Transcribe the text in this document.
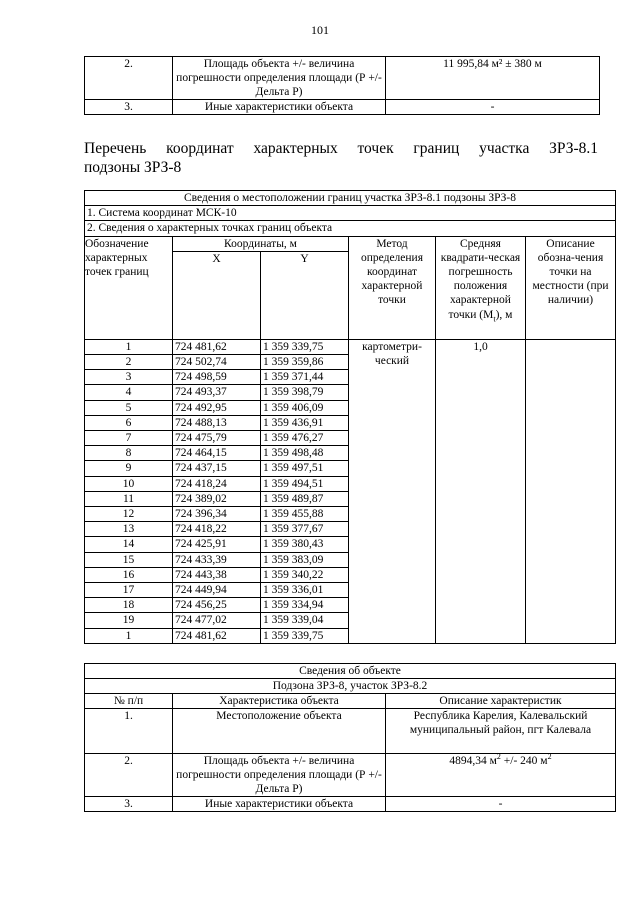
101
2.	Площадь объекта +/- величина погрешности определения площади (Р +/- Дельта Р)	11 995,84 м² ± 380 м
3.	Иные характеристики объекта	-
Перечень координат характерных точек границ участка ЗРЗ-8.1
подзоны ЗРЗ-8
Сведения о местоположении границ участка ЗРЗ-8.1 подзоны ЗРЗ-8					
1. Система координат МСК-10					
2. Сведения о характерных точках границ объекта					
Обозначение характерных точек границ	Координаты, м		Метод определения координат характерной точки	Средняя квадрати-ческая погрешность положения характерной точки $(M_t)$, м	Описание обозна-чения точки на местности (при наличии)
	X	Y			
1	724 481,62	1 359 339,75	картометри-ческий	1,0	
2	724 502,74	1 359 359,86			
3	724 498,59	1 359 371,44			
4	724 493,37	1 359 398,79			
5	724 492,95	1 359 406,09			
6	724 488,13	1 359 436,91			
7	724 475,79	1 359 476,27			
8	724 464,15	1 359 498,48			
9	724 437,15	1 359 497,51			
10	724 418,24	1 359 494,51			
11	724 389,02	1 359 489,87			
12	724 396,34	1 359 455,88			
13	724 418,22	1 359 377,67			
14	724 425,91	1 359 380,43			
15	724 433,39	1 359 383,09			
16	724 443,38	1 359 340,22			
17	724 449,94	1 359 336,01			
18	724 456,25	1 359 334,94			
19	724 477,02	1 359 339,04			
1	724 481,62	1 359 339,75			
Сведения об объекте		
Подзона ЗРЗ-8, участок ЗРЗ-8.2		
№ п/п	Характеристика объекта	Описание характеристик
1.	Местоположение объекта	Республика Карелия, Калевальский муниципальный район, пгт Калевала
2.	Площадь объекта +/- величина погрешности определения площади (Р +/- Дельта Р)	4894,34 $м^2$ +/- 240 $м^2$
3.	Иные характеристики объекта	-
